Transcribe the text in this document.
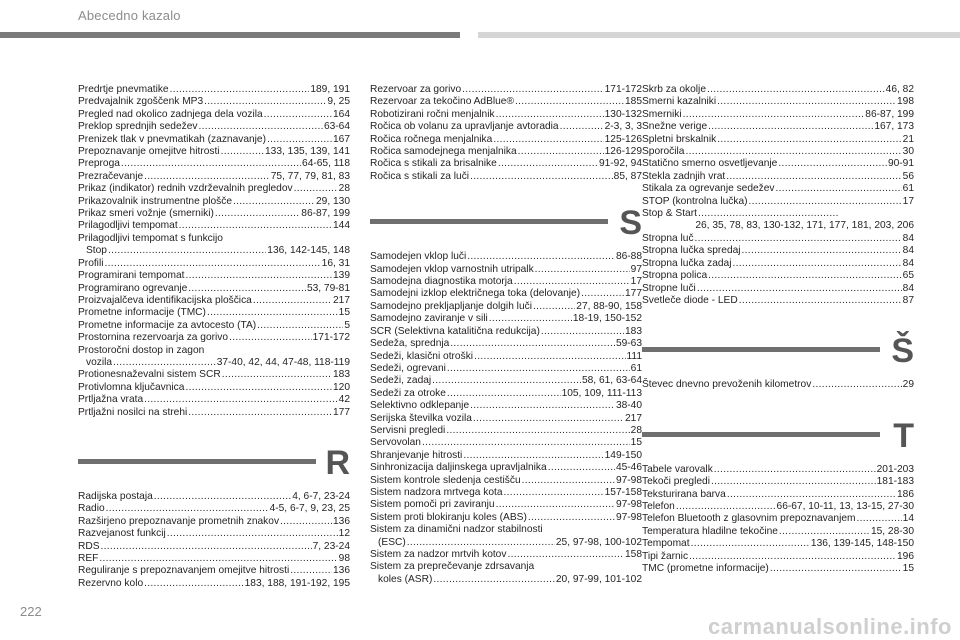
Abecedno kazalo
Predrtje pnevmatike .....	189, 191
Predvajalnik zgoščenk MP3 .....	9, 25
Pregled nad okolico zadnjega dela vozila .....	164
Preklop sprednjih sedežev .....	63-64
Prenizek tlak v pnevmatikah (zaznavanje) .....	167
Prepoznavanje omejitve hitrosti .....	133, 135, 139, 141
Preproga .....	64-65, 118
Prezračevanje .....	75, 77, 79, 81, 83
Prikaz (indikator) rednih vzdrževalnih pregledov .....	28
Prikazovalnik instrumentne plošče .....	29, 130
Prikaz smeri vožnje (smerniki) .....	86-87, 199
Prilagodljivi tempomat .....	144
Prilagodljivi tempomat s funkcijo
Stop .....	136, 142-145, 148
Profili .....	16, 31
Programirani tempomat .....	139
Programirano ogrevanje .....	53, 79-81
Proizvajalčeva identifikacijska ploščica .....	217
Prometne informacije (TMC) .....	15
Prometne informacije za avtocesto (TA) .....	5
Prostornina rezervoarja za gorivo .....	171-172
Prostoročni dostop in zagon
vozila .....	37-40, 42, 44, 47-48, 118-119
Protionesnaževalni sistem SCR .....	183
Protivlomna ključavnica .....	120
Prtljažna vrata .....	42
Prtljažni nosilci na strehi .....	177
R
Radijska postaja .....	4, 6-7, 23-24
Radio .....	4-5, 6-7, 9, 23, 25
Razširjeno prepoznavanje prometnih znakov .....	136
Razvejanost funkcij .....	12
RDS .....	7, 23-24
REF .....	98
Reguliranje s prepoznavanjem omejitve hitrosti .....	136
Rezervno kolo .....	183, 188, 191-192, 195
Rezervoar za gorivo .....	171-172
Rezervoar za tekočino AdBlue® .....	185
Robotizirani ročni menjalnik .....	130-132
Ročica ob volanu za upravljanje avtoradia .....	2-3, 3, 3
Ročica ročnega menjalnika .....	125-126
Ročica samodejnega menjalnika .....	126-129
Ročica s stikali za brisalnike .....	91-92, 94
Ročica s stikali za luči .....	85, 87
S
Samodejen vklop luči .....	86-88
Samodejen vklop varnostnih utripalk .....	97
Samodejna diagnostika motorja .....	17
Samodejni izklop električnega toka (delovanje) .....	177
Samodejno prekljapljanje dolgih luči .....	27, 88-90, 158
Samodejno zaviranje v sili .....	18-19, 150-152
SCR (Selektivna katalitična redukcija) .....	183
Sedeža, sprednja .....	59-63
Sedeži, klasični otroški .....	111
Sedeži, ogrevani .....	61
Sedeži, zadaj .....	58, 61, 63-64
Sedeži za otroke .....	105, 109, 111-113
Selektivno odklepanje .....	38-40
Serijska številka vozila .....	217
Servisni pregledi .....	28
Servovolan .....	15
Shranjevanje hitrosti .....	149-150
Sinhronizacija daljinskega upravljalnika .....	45-46
Sistem kontrole sledenja cestišču .....	97-98
Sistem nadzora mrtvega kota .....	157-158
Sistem pomoči pri zaviranju .....	97-98
Sistem proti blokiranju koles (ABS) .....	97-98
Sistem za dinamični nadzor stabilnosti
(ESC) .....	25, 97-98, 100-102
Sistem za nadzor mrtvih kotov .....	158
Sistem za preprečevanje zdrsavanja
koles (ASR) .....	20, 97-99, 101-102
Skrb za okolje .....	46, 82
Smerni kazalniki .....	198
Smerniki .....	86-87, 199
Snežne verige .....	167, 173
Spletni brskalnik .....	21
Sporočila .....	30
Statično smerno osvetljevanje .....	90-91
Stekla zadnjih vrat .....	56
Stikala za ogrevanje sedežev .....	61
STOP (kontrolna lučka) .....	17
Stop & Start
.....
26, 35, 78, 83, 130-132, 171, 177, 181, 203, 206
Stropna luč .....	84
Stropna lučka spredaj .....	84
Stropna lučka zadaj .....	84
Stropna polica .....	65
Stropne luči .....	84
Svetleče diode - LED .....	87
Š
Števec dnevno prevoženih kilometrov .....	29
T
Tabele varovalk .....	201-203
Tekoči pregledi .....	181-183
Teksturirana barva .....	186
Telefon .....	66-67, 10-11, 13, 13-15, 27-30
Telefon Bluetooth z glasovnim prepoznavanjem .....	14
Temperatura hladilne tekočine .....	15, 28-30
Tempomat .....	136, 139-145, 148-150
Tipi žarnic .....	196
TMC (prometne informacije) .....	15
222
carmanualsonline.info
